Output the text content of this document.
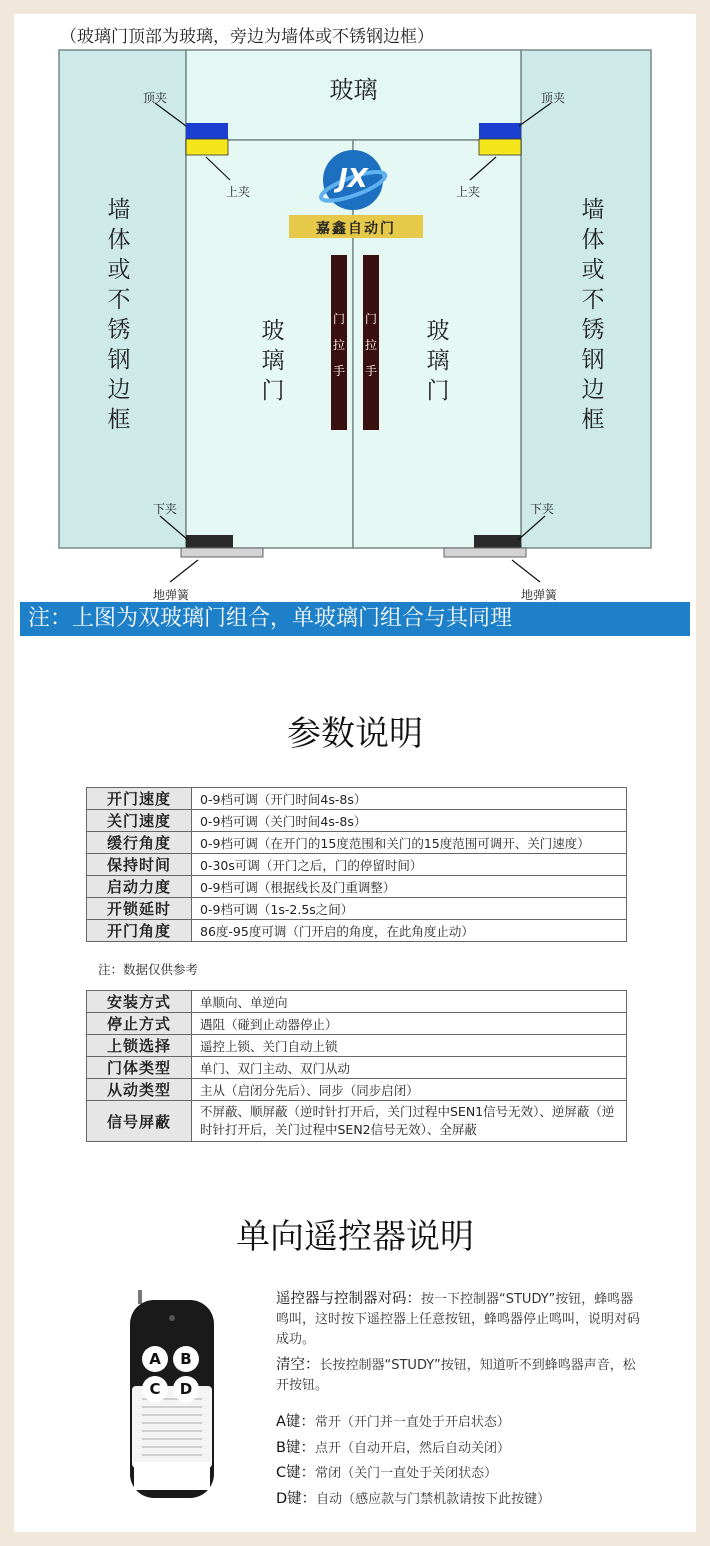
（玻璃门顶部为玻璃，旁边为墙体或不锈钢边框）
JX
嘉鑫自动门
玻璃
墙体或不锈钢边框
墙体或不锈钢边框
玻璃门
玻璃门
门拉手
门拉手
顶夹	顶夹
上夹	上夹
下夹	下夹
地弹簧	地弹簧
注：上图为双玻璃门组合，单玻璃门组合与其同理
参数说明
开门速度	0-9档可调（开门时间4s-8s）
关门速度	0-9档可调（关门时间4s-8s）
缓行角度	0-9档可调（在开门的15度范围和关门的15度范围可调开、关门速度）
保持时间	0-30s可调（开门之后，门的停留时间）
启动力度	0-9档可调（根据线长及门重调整）
开锁延时	0-9档可调（1s-2.5s之间）
开门角度	86度-95度可调（门开启的角度，在此角度止动）
注：数据仅供参考
安装方式	单顺向、单逆向
停止方式	遇阻（碰到止动器停止）
上锁选择	遥控上锁、关门自动上锁
门体类型	单门、双门主动、双门从动
从动类型	主从（启闭分先后）、同步（同步启闭）
信号屏蔽	不屏蔽、顺屏蔽（逆时针打开后，关门过程中SEN1信号无效）、逆屏蔽（逆时针打开后，关门过程中SEN2信号无效）、全屏蔽
单向遥控器说明
A	B
C	D
遥控器与控制器对码：按一下控制器“STUDY”按钮，蜂鸣器鸣叫，这时按下遥控器上任意按钮，蜂鸣器停止鸣叫，说明对码成功。
清空：长按控制器“STUDY”按钮，知道听不到蜂鸣器声音，松开按钮。
A键：常开（开门并一直处于开启状态）
B键：点开（自动开启，然后自动关闭）
C键：常闭（关门一直处于关闭状态）
D键：自动（感应款与门禁机款请按下此按键）
